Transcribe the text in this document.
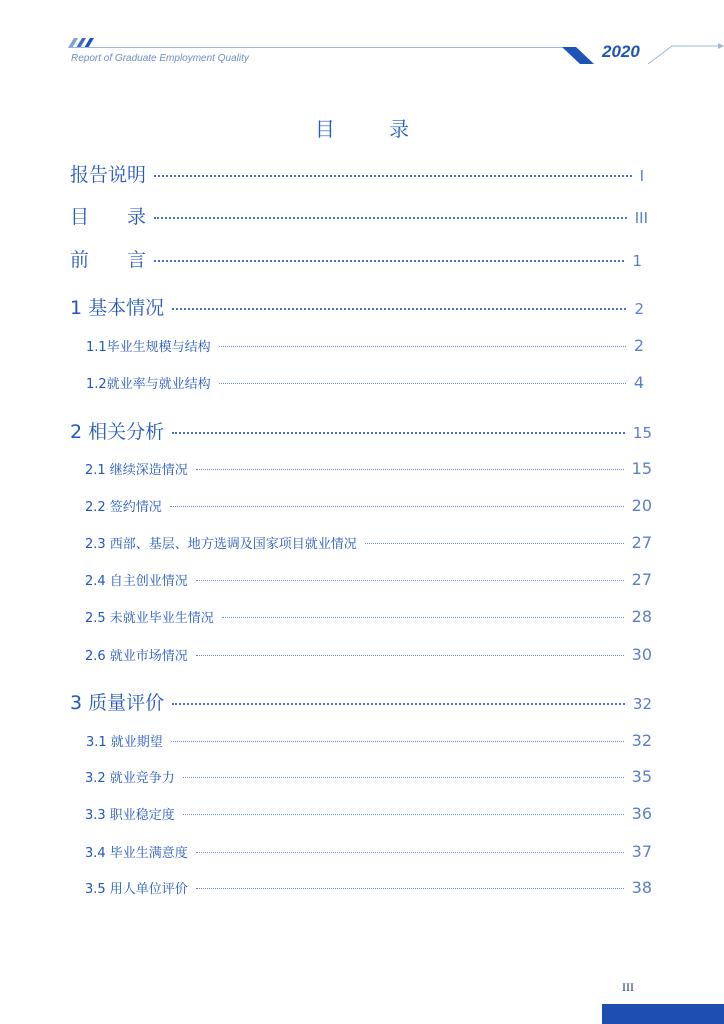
Report of Graduate Employment Quality	2020
目 录
报告说明	I
目　　录	III
前　　言	1
1 基本情况	2
1.1毕业生规模与结构	2
1.2就业率与就业结构	4
2 相关分析	15
2.1 继续深造情况	15
2.2 签约情况	20
2.3 西部、基层、地方选调及国家项目就业情况	27
2.4 自主创业情况	27
2.5 未就业毕业生情况	28
2.6 就业市场情况	30
3 质量评价	32
3.1 就业期望	32
3.2 就业竞争力	35
3.3 职业稳定度	36
3.4 毕业生满意度	37
3.5 用人单位评价	38
III
